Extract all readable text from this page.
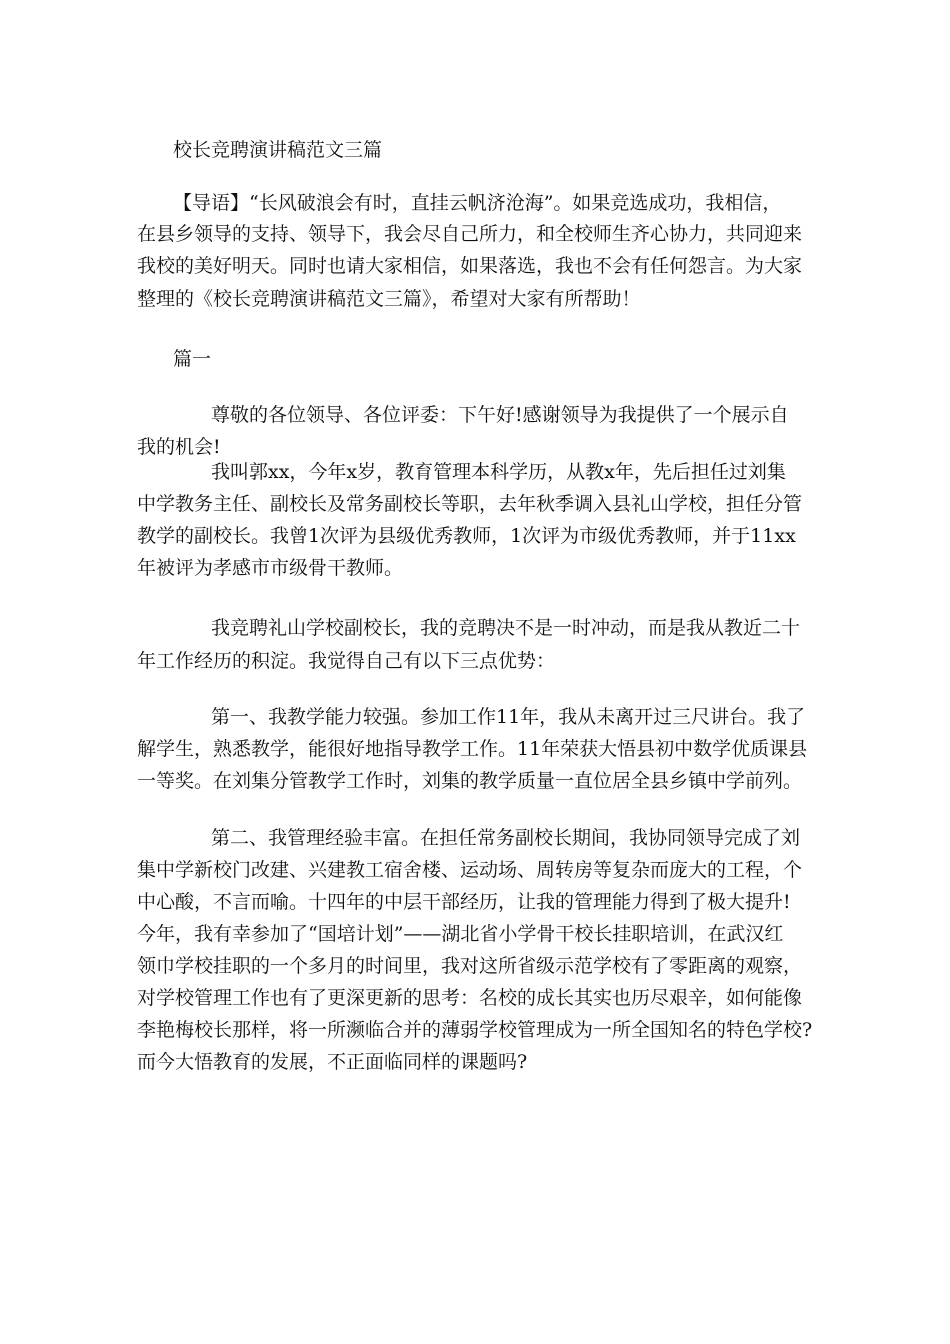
校长竞聘演讲稿范文三篇
【导语】“长风破浪会有时，直挂云帆济沧海”。如果竞选成功，我相信，
在县乡领导的支持、领导下，我会尽自己所力，和全校师生齐心协力，共同迎来
我校的美好明天。同时也请大家相信，如果落选，我也不会有任何怨言。为大家
整理的《校长竞聘演讲稿范文三篇》，希望对大家有所帮助！
篇一
尊敬的各位领导、各位评委：下午好!感谢领导为我提供了一个展示自
我的机会!
我叫郭xx，今年x岁，教育管理本科学历，从教x年，先后担任过刘集
中学教务主任、副校长及常务副校长等职，去年秋季调入县礼山学校，担任分管
教学的副校长。我曾1次评为县级优秀教师，1次评为市级优秀教师，并于11xx
年被评为孝感市市级骨干教师。
我竞聘礼山学校副校长，我的竞聘决不是一时冲动，而是我从教近二十
年工作经历的积淀。我觉得自己有以下三点优势：
第一、我教学能力较强。参加工作11年，我从未离开过三尺讲台。我了
解学生，熟悉教学，能很好地指导教学工作。11年荣获大悟县初中数学优质课县
一等奖。在刘集分管教学工作时，刘集的教学质量一直位居全县乡镇中学前列。
第二、我管理经验丰富。在担任常务副校长期间，我协同领导完成了刘
集中学新校门改建、兴建教工宿舍楼、运动场、周转房等复杂而庞大的工程，个
中心酸，不言而喻。十四年的中层干部经历，让我的管理能力得到了极大提升!
今年，我有幸参加了“国培计划”——湖北省小学骨干校长挂职培训，在武汉红
领巾学校挂职的一个多月的时间里，我对这所省级示范学校有了零距离的观察，
对学校管理工作也有了更深更新的思考：名校的成长其实也历尽艰辛，如何能像
李艳梅校长那样，将一所濒临合并的薄弱学校管理成为一所全国知名的特色学校?
而今大悟教育的发展，不正面临同样的课题吗?
